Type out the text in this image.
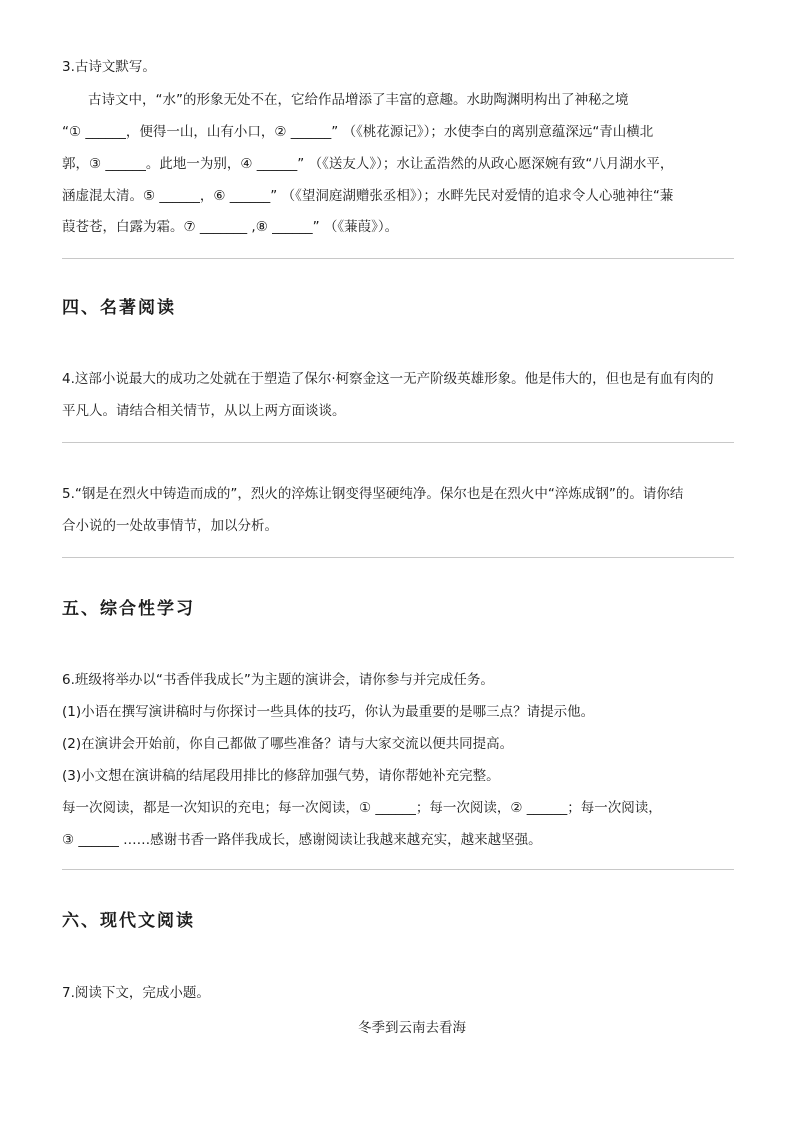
3.古诗文默写。
古诗文中，“水”的形象无处不在，它给作品增添了丰富的意趣。水助陶渊明构出了神秘之境
“① ______，便得一山，山有小口，② ______” （《桃花源记》）；水使李白的离别意蕴深远“青山横北
郭，③ ______。此地一为别，④ ______” （《送友人》）；水让孟浩然的从政心愿深婉有致“八月湖水平，
涵虚混太清。⑤ ______，⑥ ______” （《望洞庭湖赠张丞相》）；水畔先民对爱情的追求令人心驰神往“蒹
葭苍苍，白露为霜。⑦ _______ ,⑧ ______” （《蒹葭》）。
四、名著阅读
4.这部小说最大的成功之处就在于塑造了保尔·柯察金这一无产阶级英雄形象。他是伟大的，但也是有血有肉的
平凡人。请结合相关情节，从以上两方面谈谈。
5.“钢是在烈火中铸造而成的”，烈火的淬炼让钢变得坚硬纯净。保尔也是在烈火中“淬炼成钢”的。请你结
合小说的一处故事情节，加以分析。
五、综合性学习
6.班级将举办以“书香伴我成长”为主题的演讲会，请你参与并完成任务。
(1)小语在撰写演讲稿时与你探讨一些具体的技巧，你认为最重要的是哪三点？请提示他。
(2)在演讲会开始前，你自己都做了哪些准备？请与大家交流以便共同提高。
(3)小文想在演讲稿的结尾段用排比的修辞加强气势，请你帮她补充完整。
每一次阅读，都是一次知识的充电；每一次阅读，① ______；每一次阅读，② ______；每一次阅读，
③ ______ ……感谢书香一路伴我成长，感谢阅读让我越来越充实，越来越坚强。
六、现代文阅读
7.阅读下文，完成小题。
冬季到云南去看海
